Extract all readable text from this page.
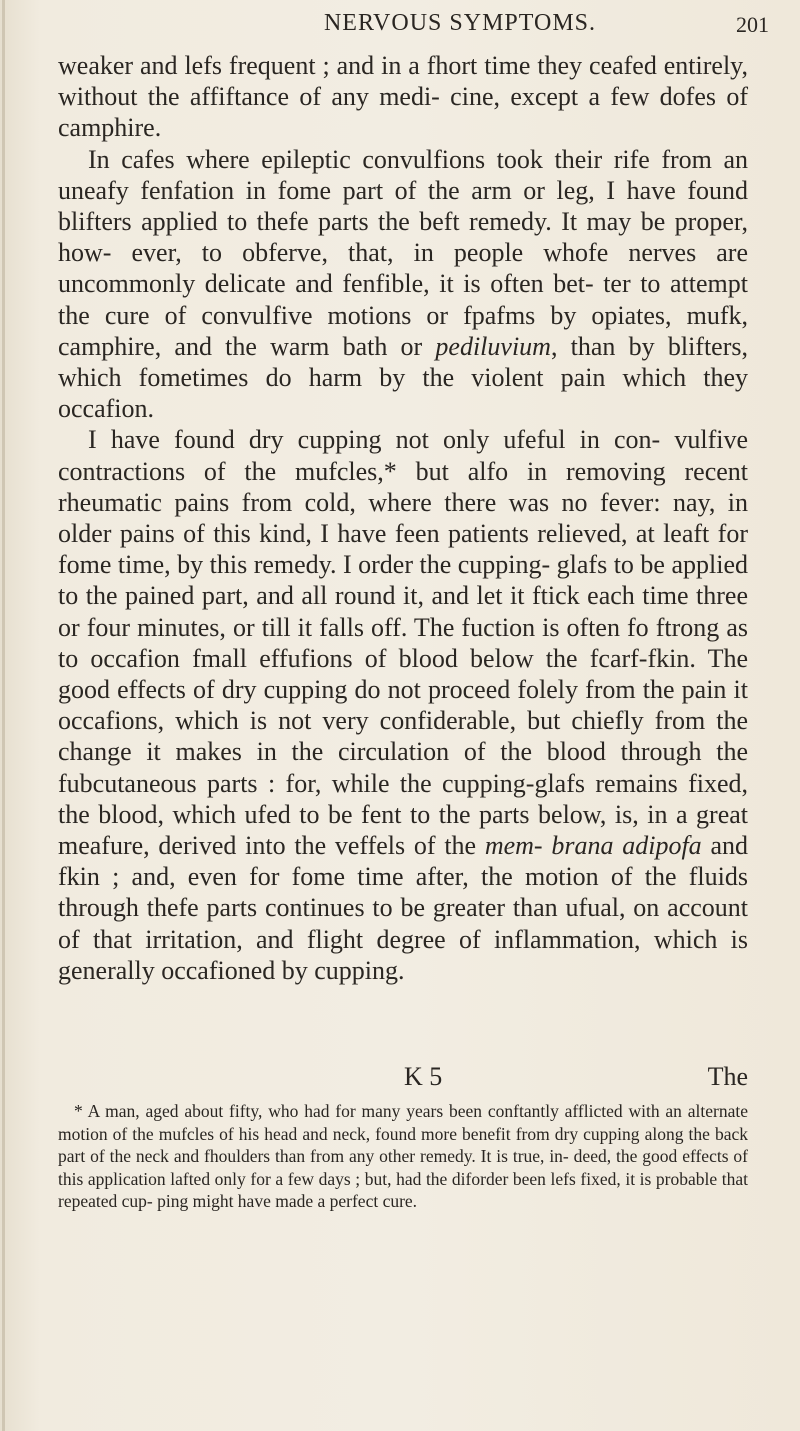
NERVOUS SYMPTOMS.	201

weaker and lefs frequent ; and in a fhort time they ceafed entirely, without the affiftance of any medi- cine, except a few dofes of camphire.

In cafes where epileptic convulfions took their rife from an uneafy fenfation in fome part of the arm or leg, I have found blifters applied to thefe parts the beft remedy. It may be proper, how- ever, to obferve, that, in people whofe nerves are uncommonly delicate and fenfible, it is often bet- ter to attempt the cure of convulfive motions or fpafms by opiates, mufk, camphire, and the warm bath or pediluvium, than by blifters, which fometimes do harm by the violent pain which they occafion.

I have found dry cupping not only ufeful in con- vulfive contractions of the mufcles,* but alfo in removing recent rheumatic pains from cold, where there was no fever: nay, in older pains of this kind, I have feen patients relieved, at leaft for fome time, by this remedy. I order the cupping- glafs to be applied to the pained part, and all round it, and let it ftick each time three or four minutes, or till it falls off. The fuction is often fo ftrong as to occafion fmall effufions of blood below the fcarf-fkin. The good effects of dry cupping do not proceed folely from the pain it occafions, which is not very confiderable, but chiefly from the change it makes in the circulation of the blood through the fubcutaneous parts : for, while the cupping-glafs remains fixed, the blood, which ufed to be fent to the parts below, is, in a great meafure, derived into the veffels of the mem- brana adipofa and fkin ; and, even for fome time after, the motion of the fluids through thefe parts continues to be greater than ufual, on account of that irritation, and flight degree of inflammation, which is generally occafioned by cupping.

K 5	The

* A man, aged about fifty, who had for many years been conftantly afflicted with an alternate motion of the mufcles of his head and neck, found more benefit from dry cupping along the back part of the neck and fhoulders than from any other remedy. It is true, in- deed, the good effects of this application lafted only for a few days ; but, had the diforder been lefs fixed, it is probable that repeated cup- ping might have made a perfect cure.
